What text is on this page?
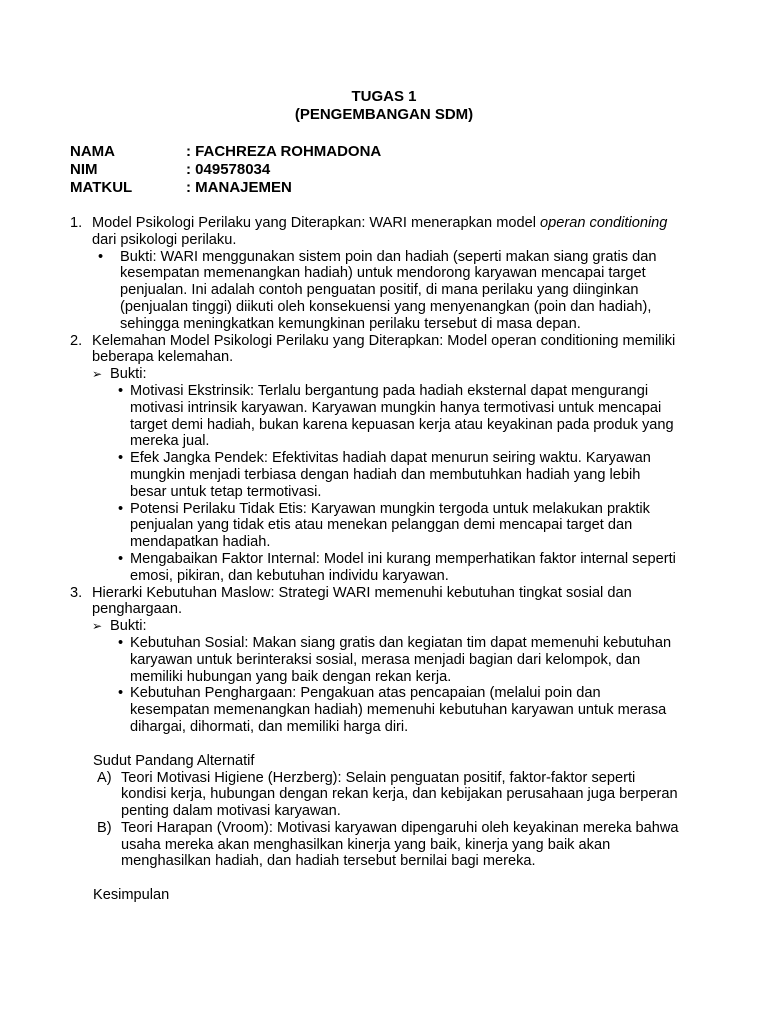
TUGAS 1
(PENGEMBANGAN SDM)
NAMA	: FACHREZA ROHMADONA
NIM	: 049578034
MATKUL	: MANAJEMEN
1. Model Psikologi Perilaku yang Diterapkan: WARI menerapkan model operan conditioning dari psikologi perilaku.
• Bukti: WARI menggunakan sistem poin dan hadiah (seperti makan siang gratis dan kesempatan memenangkan hadiah) untuk mendorong karyawan mencapai target penjualan. Ini adalah contoh penguatan positif, di mana perilaku yang diinginkan (penjualan tinggi) diikuti oleh konsekuensi yang menyenangkan (poin dan hadiah), sehingga meningkatkan kemungkinan perilaku tersebut di masa depan.
2. Kelemahan Model Psikologi Perilaku yang Diterapkan: Model operan conditioning memiliki beberapa kelemahan.
➢ Bukti:
• Motivasi Ekstrinsik: Terlalu bergantung pada hadiah eksternal dapat mengurangi motivasi intrinsik karyawan. Karyawan mungkin hanya termotivasi untuk mencapai target demi hadiah, bukan karena kepuasan kerja atau keyakinan pada produk yang mereka jual.
• Efek Jangka Pendek: Efektivitas hadiah dapat menurun seiring waktu. Karyawan mungkin menjadi terbiasa dengan hadiah dan membutuhkan hadiah yang lebih besar untuk tetap termotivasi.
• Potensi Perilaku Tidak Etis: Karyawan mungkin tergoda untuk melakukan praktik penjualan yang tidak etis atau menekan pelanggan demi mencapai target dan mendapatkan hadiah.
• Mengabaikan Faktor Internal: Model ini kurang memperhatikan faktor internal seperti emosi, pikiran, dan kebutuhan individu karyawan.
3. Hierarki Kebutuhan Maslow: Strategi WARI memenuhi kebutuhan tingkat sosial dan penghargaan.
➢ Bukti:
• Kebutuhan Sosial: Makan siang gratis dan kegiatan tim dapat memenuhi kebutuhan karyawan untuk berinteraksi sosial, merasa menjadi bagian dari kelompok, dan memiliki hubungan yang baik dengan rekan kerja.
• Kebutuhan Penghargaan: Pengakuan atas pencapaian (melalui poin dan kesempatan memenangkan hadiah) memenuhi kebutuhan karyawan untuk merasa dihargai, dihormati, dan memiliki harga diri.
Sudut Pandang Alternatif
A) Teori Motivasi Higiene (Herzberg): Selain penguatan positif, faktor-faktor seperti kondisi kerja, hubungan dengan rekan kerja, dan kebijakan perusahaan juga berperan penting dalam motivasi karyawan.
B) Teori Harapan (Vroom): Motivasi karyawan dipengaruhi oleh keyakinan mereka bahwa usaha mereka akan menghasilkan kinerja yang baik, kinerja yang baik akan menghasilkan hadiah, dan hadiah tersebut bernilai bagi mereka.
Kesimpulan
